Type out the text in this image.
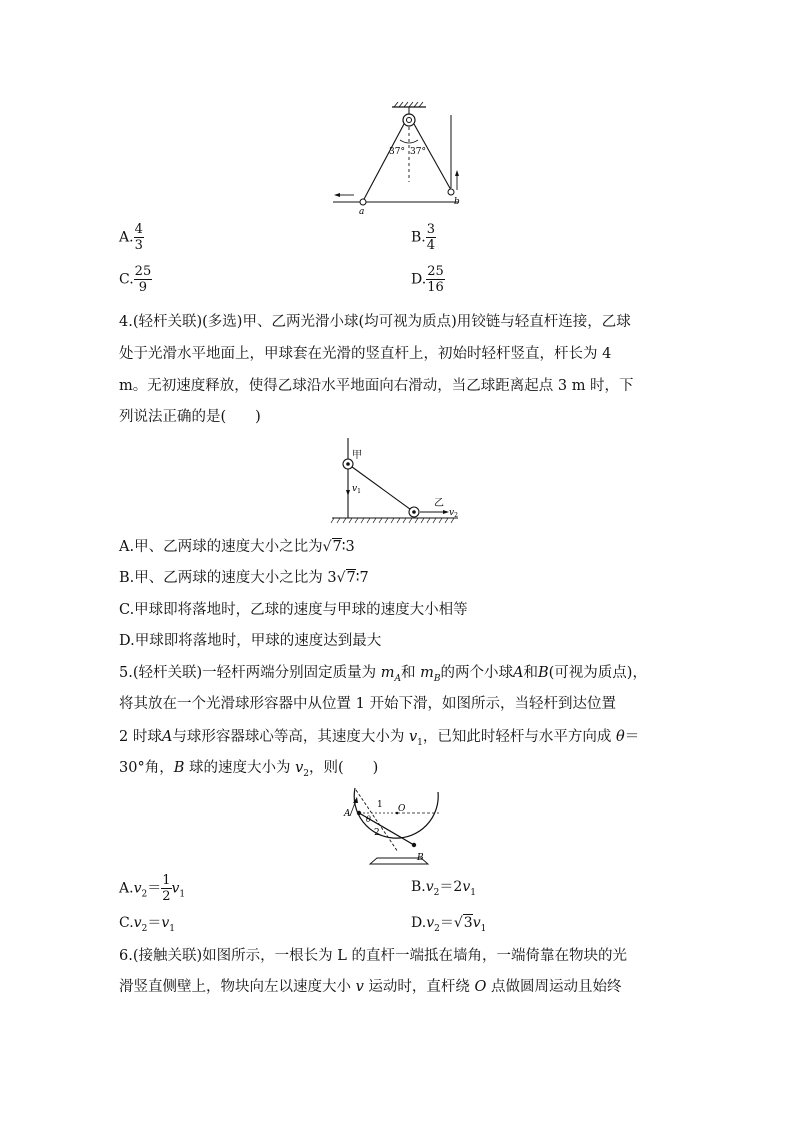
37° 37°
a
b
A. $\frac{4}{3}$	B. $\frac{3}{4}$
C. $\frac{25}{9}$	D. $\frac{25}{16}$
4.(轻杆关联)(多选)甲、乙两光滑小球(均可视为质点)用铰链与轻直杆连接，乙球
处于光滑水平地面上，甲球套在光滑的竖直杆上，初始时轻杆竖直，杆长为 4
m。无初速度释放，使得乙球沿水平地面向右滑动，当乙球距离起点 3 m 时，下
列说法正确的是(　　)
甲
$v_1$
乙
$v_2$
A.甲、乙两球的速度大小之比为√7∶3
B.甲、乙两球的速度大小之比为 3√7∶7
C.甲球即将落地时，乙球的速度与甲球的速度大小相等
D.甲球即将落地时，甲球的速度达到最大
5.(轻杆关联)一轻杆两端分别固定质量为 $m_A$和 $m_B$的两个小球A和B(可视为质点)，
将其放在一个光滑球形容器中从位置 1 开始下滑，如图所示，当轻杆到达位置
2 时球A与球形容器球心等高，其速度大小为 $v_1$，已知此时轻杆与水平方向成 θ＝
30°角，B 球的速度大小为 $v_2$，则(　　)
A
B
O
1
2
θ
$A.v_2= \frac{1}{2} v_1$	$B.v_2=2v_1$
$C.v_2=v_1$	$D.v_2=√3v_1$
6.(接触关联)如图所示，一根长为 L 的直杆一端抵在墙角，一端倚靠在物块的光
滑竖直侧壁上，物块向左以速度大小 v 运动时，直杆绕 O 点做圆周运动且始终
